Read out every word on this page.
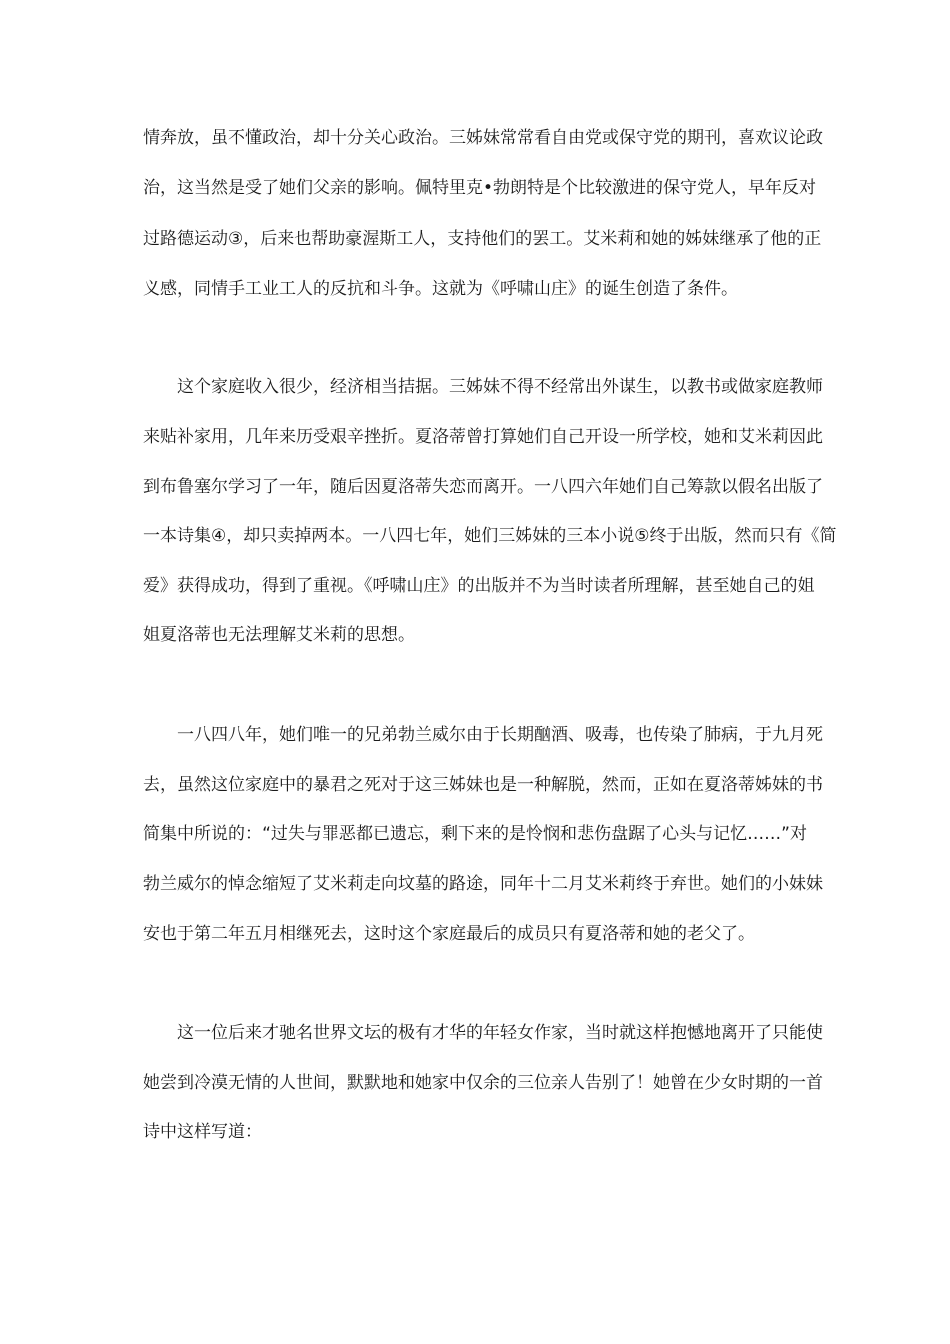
情奔放，虽不懂政治，却十分关心政治。三姊妹常常看自由党或保守党的期刊，喜欢议论政
治，这当然是受了她们父亲的影响。佩特里克•勃朗特是个比较激进的保守党人，早年反对
过路德运动③，后来也帮助豪渥斯工人，支持他们的罢工。艾米莉和她的姊妹继承了他的正
义感，同情手工业工人的反抗和斗争。这就为《呼啸山庄》的诞生创造了条件。
这个家庭收入很少，经济相当拮据。三姊妹不得不经常出外谋生，以教书或做家庭教师
来贴补家用，几年来历受艰辛挫折。夏洛蒂曾打算她们自己开设一所学校，她和艾米莉因此
到布鲁塞尔学习了一年，随后因夏洛蒂失恋而离开。一八四六年她们自己筹款以假名出版了
一本诗集④，却只卖掉两本。一八四七年，她们三姊妹的三本小说⑤终于出版，然而只有《简
爱》获得成功，得到了重视。《呼啸山庄》的出版并不为当时读者所理解，甚至她自己的姐
姐夏洛蒂也无法理解艾米莉的思想。
一八四八年，她们唯一的兄弟勃兰威尔由于长期酗酒、吸毒，也传染了肺病，于九月死
去，虽然这位家庭中的暴君之死对于这三姊妹也是一种解脱，然而，正如在夏洛蒂姊妹的书
简集中所说的：“过失与罪恶都已遗忘，剩下来的是怜悯和悲伤盘踞了心头与记忆……”对
勃兰威尔的悼念缩短了艾米莉走向坟墓的路途，同年十二月艾米莉终于弃世。她们的小妹妹
安也于第二年五月相继死去，这时这个家庭最后的成员只有夏洛蒂和她的老父了。
这一位后来才驰名世界文坛的极有才华的年轻女作家，当时就这样抱憾地离开了只能使
她尝到冷漠无情的人世间，默默地和她家中仅余的三位亲人告别了！她曾在少女时期的一首
诗中这样写道：
